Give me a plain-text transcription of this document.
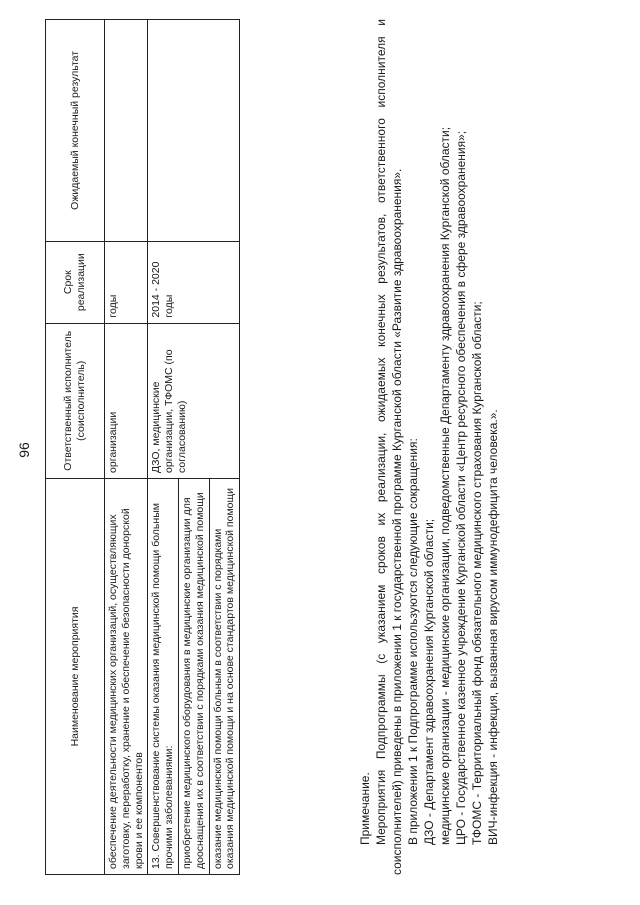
96
Наименование мероприятия	Ответственный исполнитель (соисполнитель)	Срок реализации	Ожидаемый конечный результат
обеспечение деятельности медицинских организаций, осуществляющих заготовку, переработку, хранение и обеспечение безопасности донорской крови и ее компонентов	организации	годы	
13. Совершенствование системы оказания медицинской помощи больным прочими заболеваниями:	ДЗО, медицинские организации, ТФОМС (по согласованию)	2014 - 2020 годы	
приобретение медицинского оборудования в медицинские организации для дооснащения их в соответствии с порядками оказания медицинской помощи			
оказание медицинской помощи больным в соответствии с порядками оказания медицинской помощи и на основе стандартов медицинской помощи				Примечание. Мероприятия Подпрограммы (с указанием сроков их реализации, ожидаемых конечных результатов, ответственного исполнителя и соисполнителей) приведены в приложении 1 к государственной программе Курганской области «Развитие здравоохранения». В приложении 1 к Подпрограмме используются следующие сокращения: ДЗО - Департамент здравоохранения Курганской области; медицинские организации - медицинские организации, подведомственные Департаменту здравоохранения Курганской области; ЦРО - Государственное казенное учреждение Курганской области «Центр ресурсного обеспечения в сфере здравоохранения»; ТФОМС - Территориальный фонд обязательного медицинского страхования Курганской области; ВИЧ-инфекция - инфекция, вызванная вирусом иммунодефицита человека.».
